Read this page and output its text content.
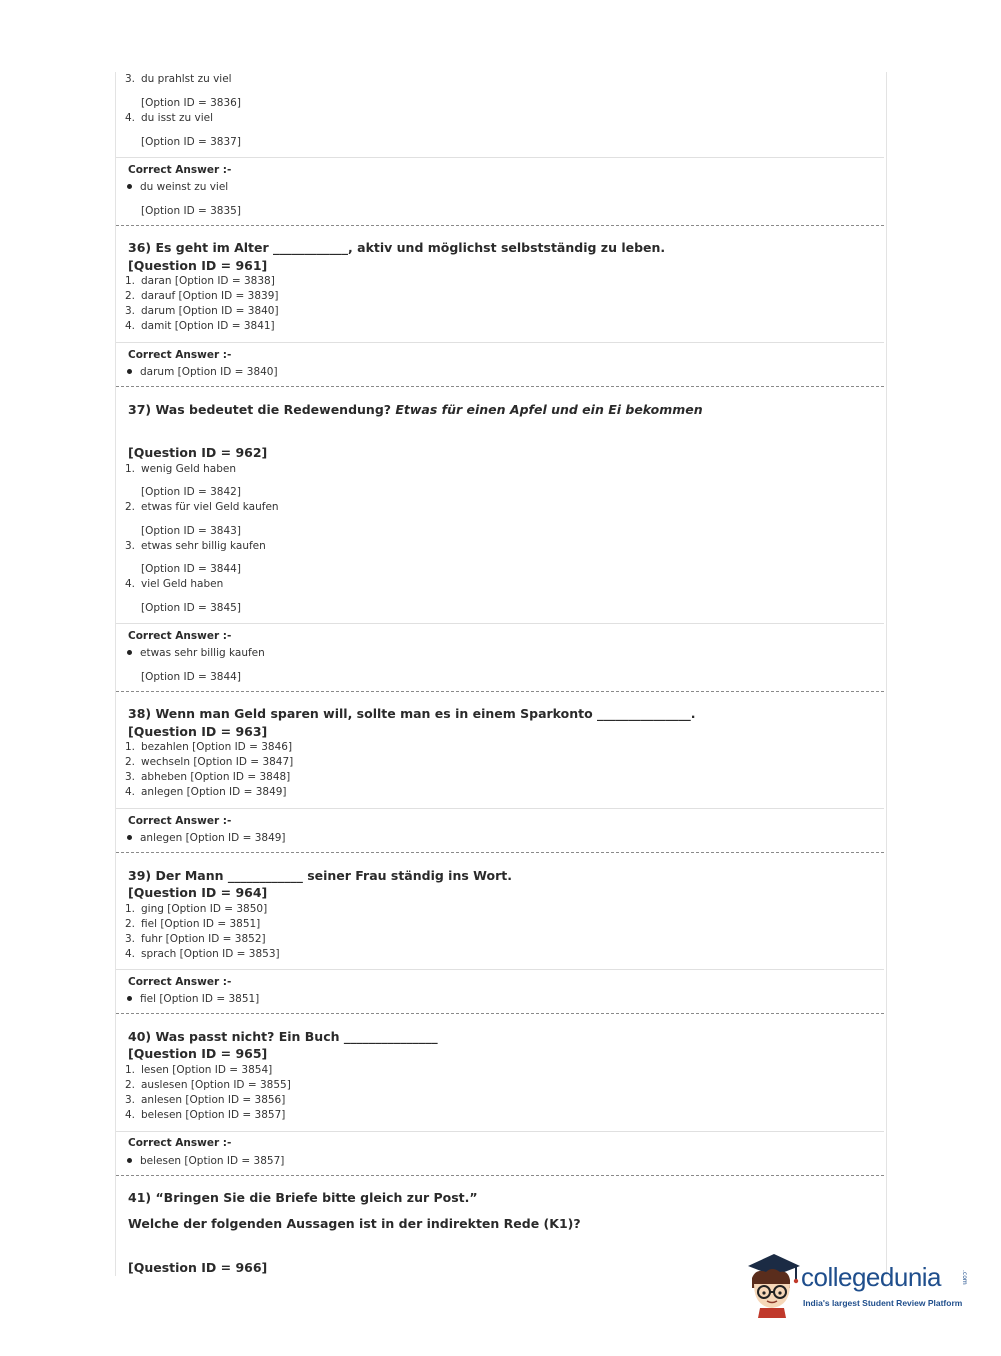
3. du prahlst zu viel
[Option ID = 3836]
4. du isst zu viel
[Option ID = 3837]
Correct Answer :-
du weinst zu viel
[Option ID = 3835]
36) Es geht im Alter ____________, aktiv und möglichst selbstständig zu leben.
[Question ID = 961]
1. daran [Option ID = 3838]
2. darauf [Option ID = 3839]
3. darum [Option ID = 3840]
4. damit [Option ID = 3841]
Correct Answer :-
darum [Option ID = 3840]
37) Was bedeutet die Redewendung? Etwas für einen Apfel und ein Ei bekommen
[Question ID = 962]
1. wenig Geld haben
[Option ID = 3842]
2. etwas für viel Geld kaufen
[Option ID = 3843]
3. etwas sehr billig kaufen
[Option ID = 3844]
4. viel Geld haben
[Option ID = 3845]
Correct Answer :-
etwas sehr billig kaufen
[Option ID = 3844]
38) Wenn man Geld sparen will, sollte man es in einem Sparkonto _______________.
[Question ID = 963]
1. bezahlen [Option ID = 3846]
2. wechseln [Option ID = 3847]
3. abheben [Option ID = 3848]
4. anlegen [Option ID = 3849]
Correct Answer :-
anlegen [Option ID = 3849]
39) Der Mann ____________ seiner Frau ständig ins Wort.
[Question ID = 964]
1. ging [Option ID = 3850]
2. fiel [Option ID = 3851]
3. fuhr [Option ID = 3852]
4. sprach [Option ID = 3853]
Correct Answer :-
fiel [Option ID = 3851]
40) Was passt nicht? Ein Buch _______________
[Question ID = 965]
1. lesen [Option ID = 3854]
2. auslesen [Option ID = 3855]
3. anlesen [Option ID = 3856]
4. belesen [Option ID = 3857]
Correct Answer :-
belesen [Option ID = 3857]
41) “Bringen Sie die Briefe bitte gleich zur Post.”
Welche der folgenden Aussagen ist in der indirekten Rede (K1)?
[Question ID = 966]	collegedunia	.com
India's largest Student Review Platform
